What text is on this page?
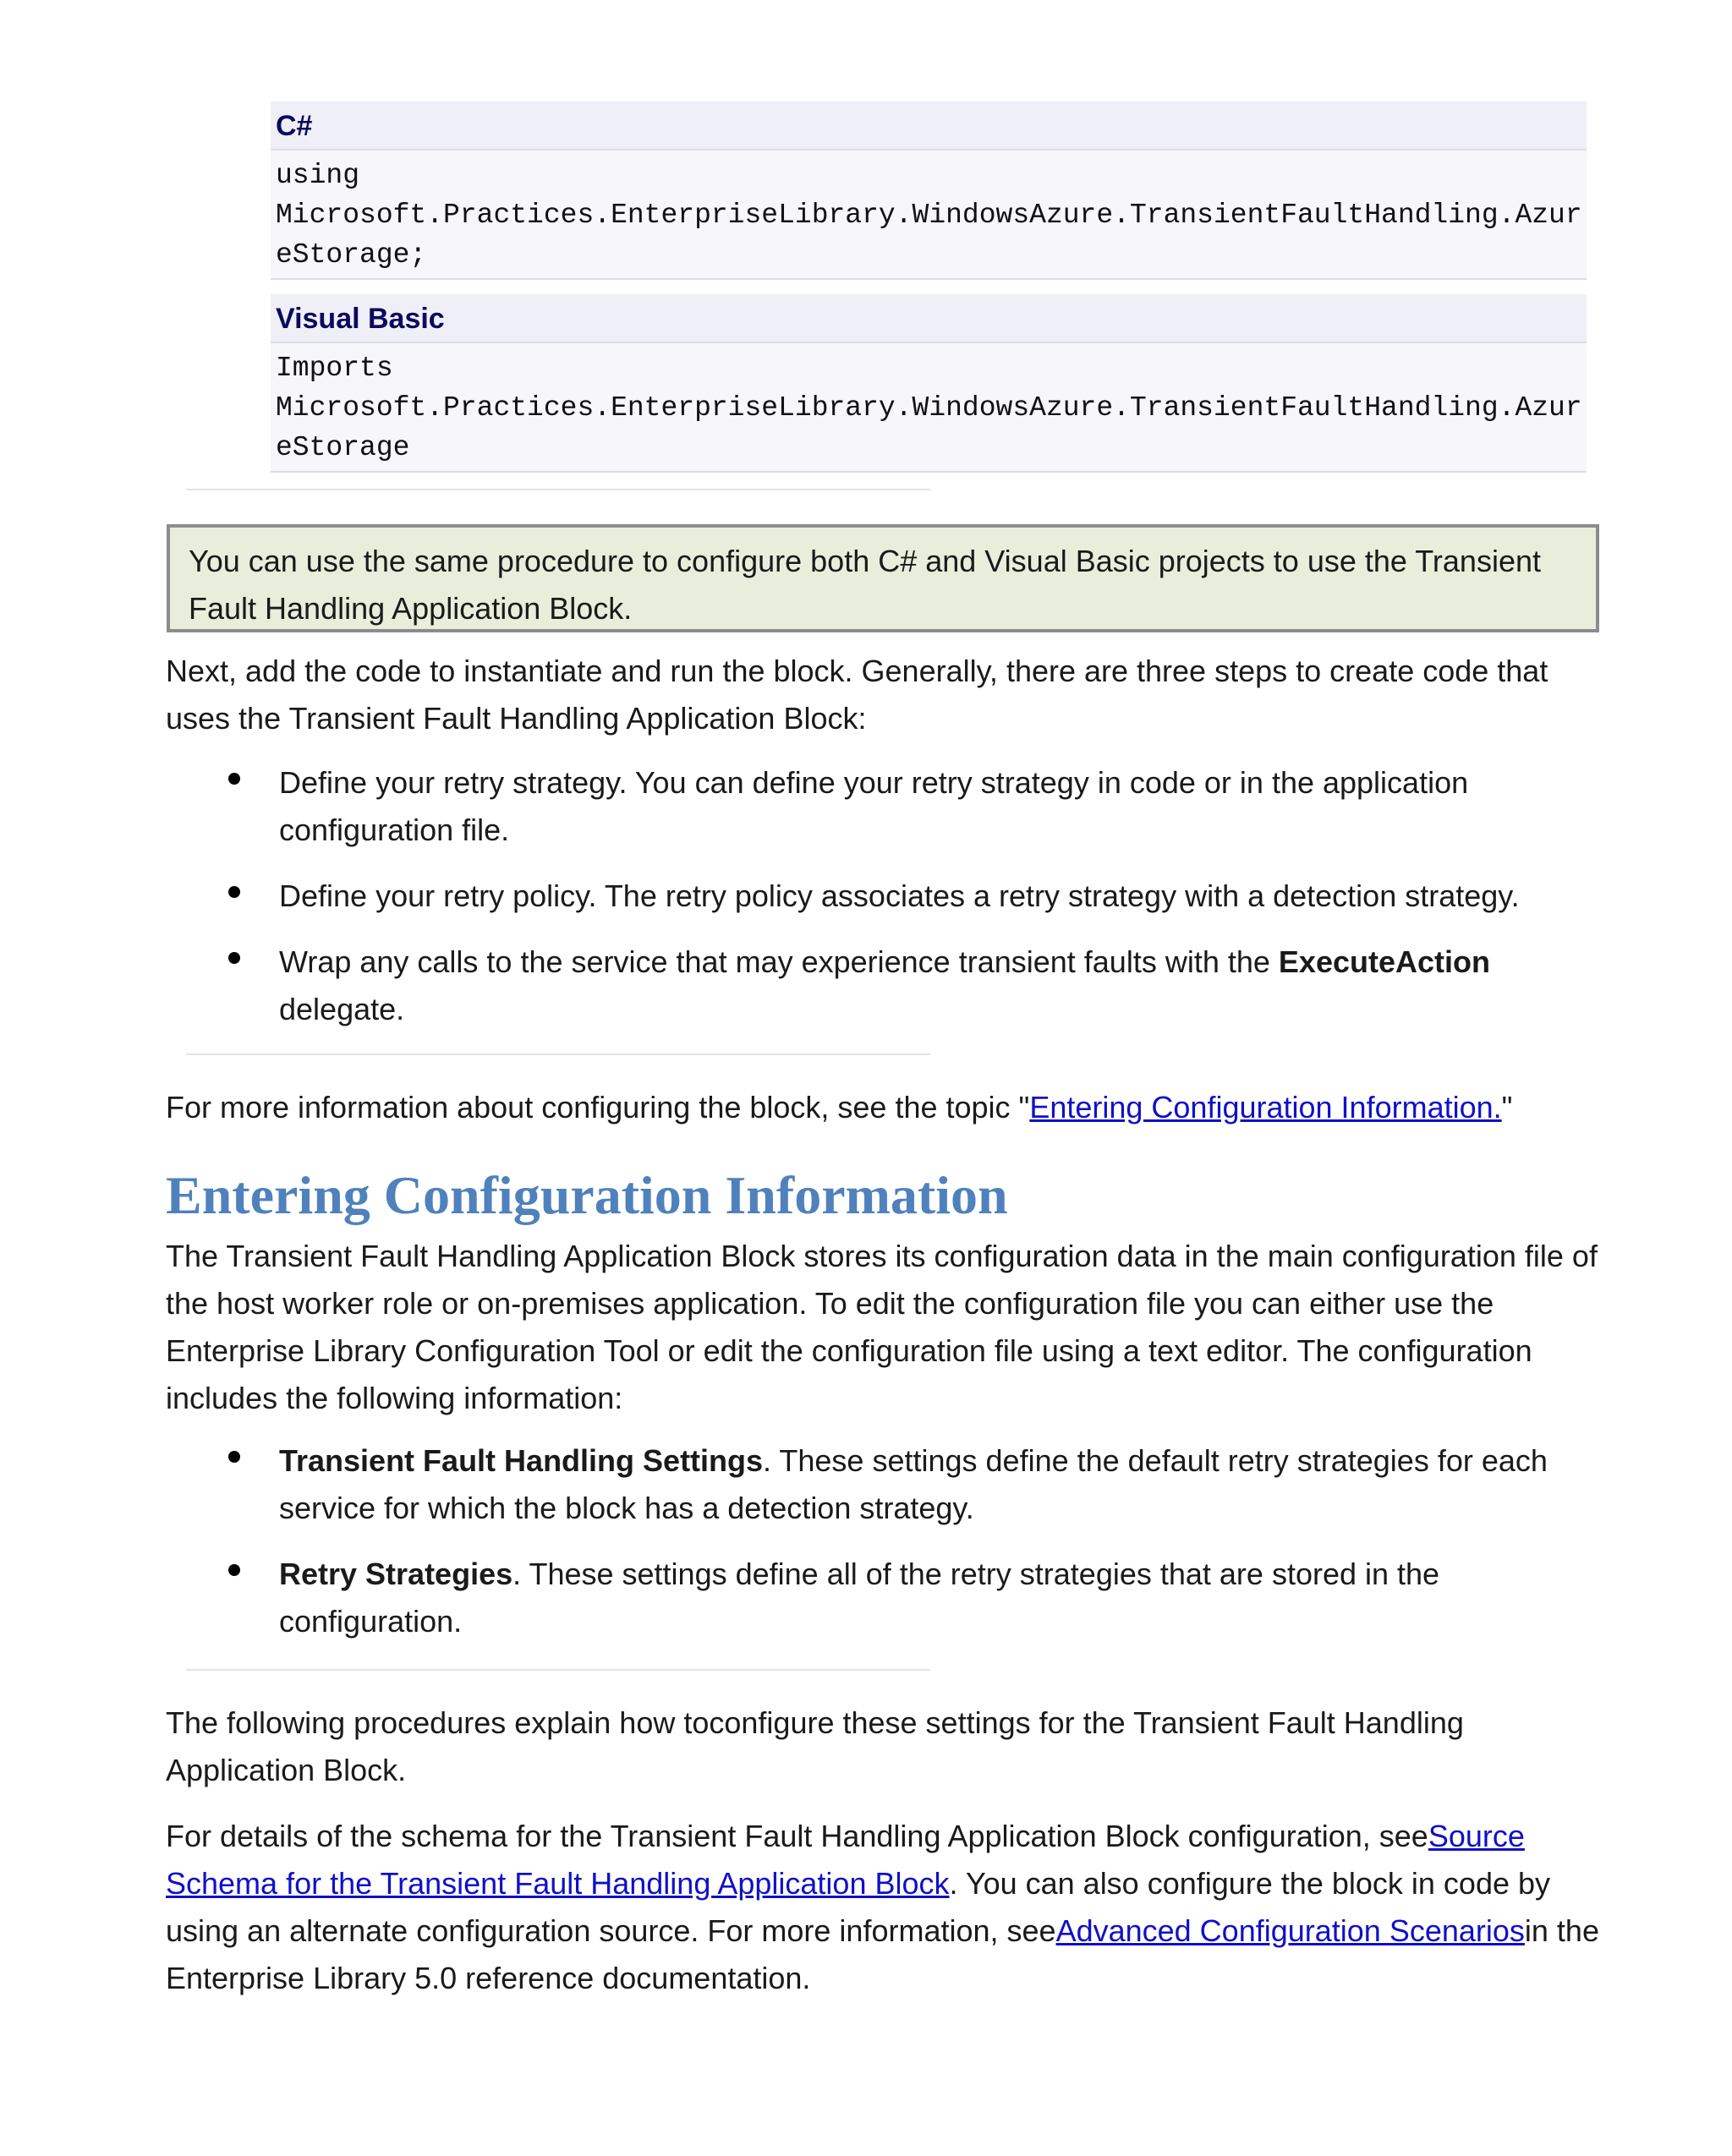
C#
using
Microsoft.Practices.EnterpriseLibrary.WindowsAzure.TransientFaultHandling.Azur
eStorage;
Visual Basic
Imports
Microsoft.Practices.EnterpriseLibrary.WindowsAzure.TransientFaultHandling.Azur
eStorage
You can use the same procedure to configure both C# and Visual Basic projects to use the Transient Fault Handling Application Block.
Next, add the code to instantiate and run the block. Generally, there are three steps to create code that uses the Transient Fault Handling Application Block:
Define your retry strategy. You can define your retry strategy in code or in the application configuration file.
Define your retry policy. The retry policy associates a retry strategy with a detection strategy.
Wrap any calls to the service that may experience transient faults with the ExecuteAction delegate.
For more information about configuring the block, see the topic "Entering Configuration Information."
Entering Configuration Information
The Transient Fault Handling Application Block stores its configuration data in the main configuration file of the host worker role or on-premises application. To edit the configuration file you can either use the Enterprise Library Configuration Tool or edit the configuration file using a text editor. The configuration includes the following information:
Transient Fault Handling Settings. These settings define the default retry strategies for each service for which the block has a detection strategy.
Retry Strategies. These settings define all of the retry strategies that are stored in the configuration.
The following procedures explain how toconfigure these settings for the Transient Fault Handling Application Block.
For details of the schema for the Transient Fault Handling Application Block configuration, seeSource Schema for the Transient Fault Handling Application Block. You can also configure the block in code by using an alternate configuration source. For more information, seeAdvanced Configuration Scenariosin the Enterprise Library 5.0 reference documentation.
